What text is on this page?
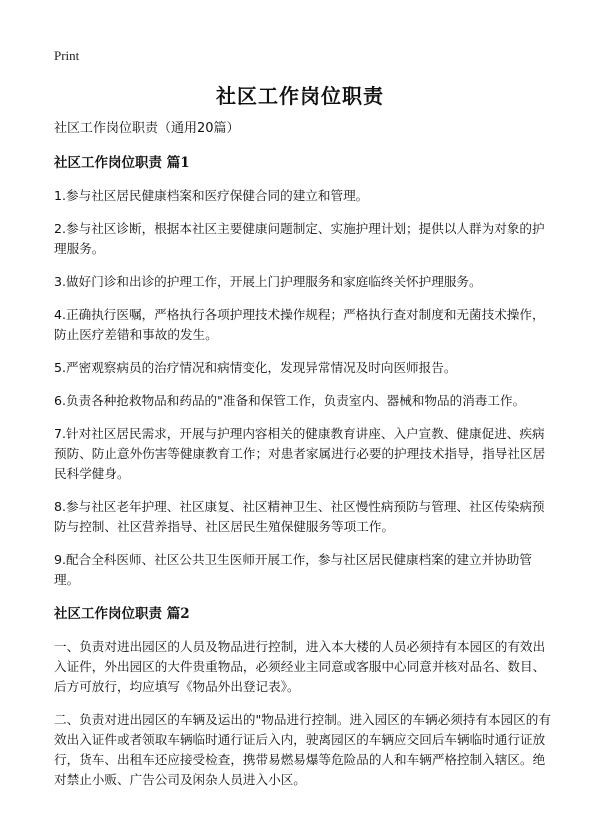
Print
社区工作岗位职责

社区工作岗位职责（通用20篇）

社区工作岗位职责 篇1

1.参与社区居民健康档案和医疗保健合同的建立和管理。

2.参与社区诊断，根据本社区主要健康问题制定、实施护理计划；提供以人群为对象的护理服务。

3.做好门诊和出诊的护理工作，开展上门护理服务和家庭临终关怀护理服务。

4.正确执行医嘱，严格执行各项护理技术操作规程；严格执行查对制度和无菌技术操作，防止医疗差错和事故的发生。

5.严密观察病员的治疗情况和病情变化，发现异常情况及时向医师报告。

6.负责各种抢救物品和药品的"准备和保管工作，负责室内、器械和物品的消毒工作。

7.针对社区居民需求，开展与护理内容相关的健康教育讲座、入户宣教、健康促进、疾病预防、防止意外伤害等健康教育工作；对患者家属进行必要的护理技术指导，指导社区居民科学健身。

8.参与社区老年护理、社区康复、社区精神卫生、社区慢性病预防与管理、社区传染病预防与控制、社区营养指导、社区居民生殖保健服务等项工作。

9.配合全科医师、社区公共卫生医师开展工作，参与社区居民健康档案的建立并协助管理。

社区工作岗位职责 篇2

一、负责对进出园区的人员及物品进行控制，进入本大楼的人员必须持有本园区的有效出入证件，外出园区的大件贵重物品，必须经业主同意或客服中心同意并核对品名、数目、后方可放行，均应填写《物品外出登记表》。

二、负责对进出园区的车辆及运出的"物品进行控制。进入园区的车辆必须持有本园区的有效出入证件或者领取车辆临时通行证后入内，驶离园区的车辆应交回后车辆临时通行证放行，货车、出租车还应接受检查，携带易燃易爆等危险品的人和车辆严格控制入辖区。绝对禁止小贩、广告公司及闲杂人员进入小区。
